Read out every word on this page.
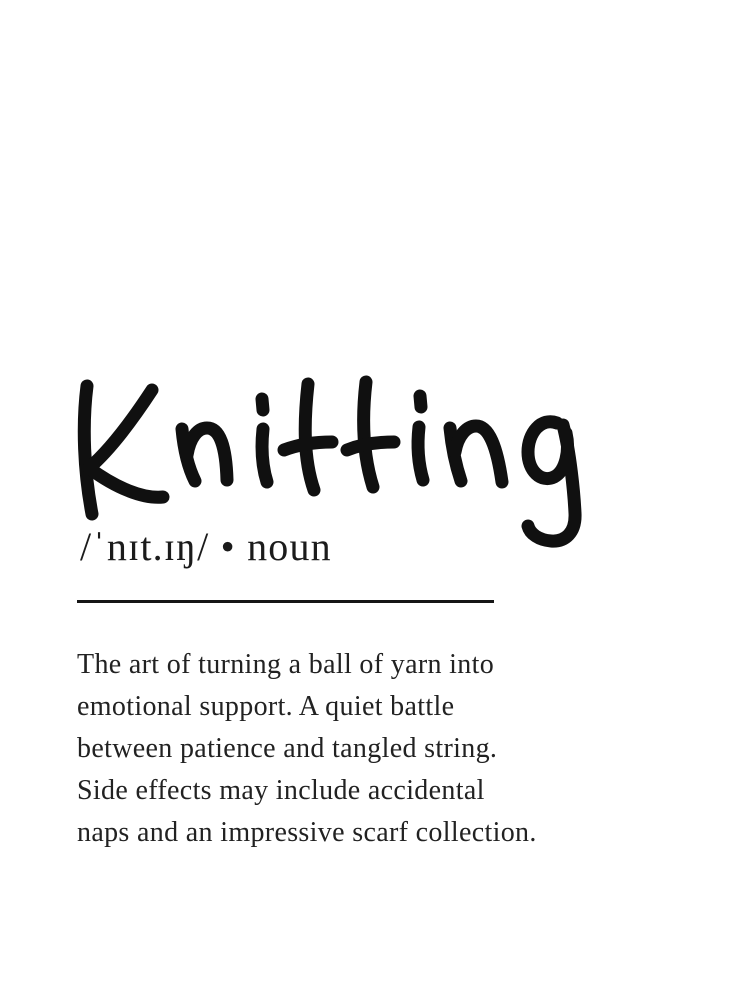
/ˈnɪt.ɪŋ/ • noun
The art of turning a ball of yarn into
emotional support. A quiet battle
between patience and tangled string.
Side effects may include accidental
naps and an impressive scarf collection.
